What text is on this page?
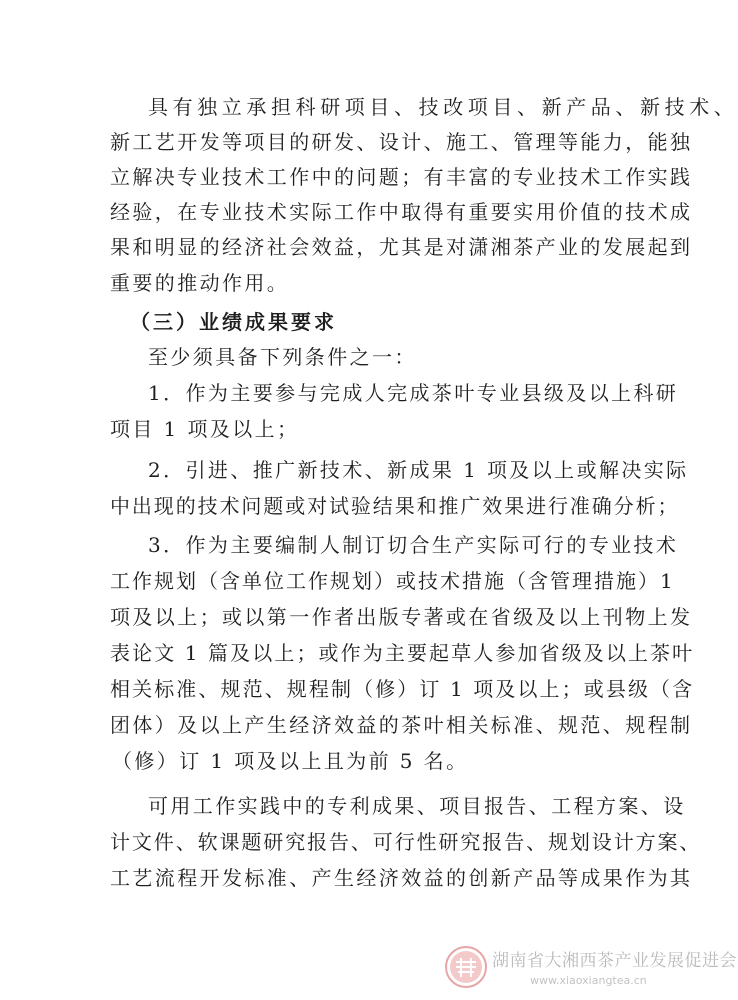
具有独立承担科研项目、技改项目、新产品、新技术、
新工艺开发等项目的研发、设计、施工、管理等能力，能独
立解决专业技术工作中的问题；有丰富的专业技术工作实践
经验，在专业技术实际工作中取得有重要实用价值的技术成
果和明显的经济社会效益，尤其是对潇湘茶产业的发展起到
重要的推动作用。
（三）业绩成果要求
至少须具备下列条件之一：
1．作为主要参与完成人完成茶叶专业县级及以上科研
项目 1 项及以上；
2．引进、推广新技术、新成果 1 项及以上或解决实际
中出现的技术问题或对试验结果和推广效果进行准确分析；
3．作为主要编制人制订切合生产实际可行的专业技术
工作规划（含单位工作规划）或技术措施（含管理措施）1
项及以上；或以第一作者出版专著或在省级及以上刊物上发
表论文 1 篇及以上；或作为主要起草人参加省级及以上茶叶
相关标准、规范、规程制（修）订 1 项及以上；或县级（含
团体）及以上产生经济效益的茶叶相关标准、规范、规程制
（修）订 1 项及以上且为前 5 名。
可用工作实践中的专利成果、项目报告、工程方案、设
计文件、软课题研究报告、可行性研究报告、规划设计方案、
工艺流程开发标准、产生经济效益的创新产品等成果作为其
湖南省大湘西茶产业发展促进会
www.xiaoxiangtea.cn
